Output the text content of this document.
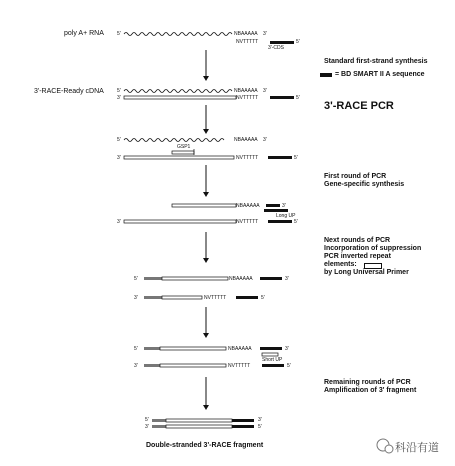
poly A+ RNA
3'-RACE-Ready cDNA
Double-stranded 3'-RACE fragment
5'	NBAAAAA 3'
NVTTTTT	5'
3'-CDS
5'	NBAAAAA 3'
3'	NVTTTTT	5'
5'	NBAAAAA 3'
GSP1
3'	NVTTTTT	5'
NBAAAAA	3'
Long UP
3'	NVTTTTT	5'
5'	NBAAAAA	3'
3'	NVTTTTT	5'
5'	NBAAAAA	3'
Short UP
3'	NVTTTTT	5'
5'	3'
3'	5'
Standard first-strand synthesis
= BD SMART II A sequence
3'-RACE PCR
First round of PCR
Gene-specific synthesis
Next rounds of PCR
Incorporation of suppression
PCR inverted repeat
elements:
by Long Universal Primer
Remaining rounds of PCR
Amplification of 3' fragment
科沿有道
